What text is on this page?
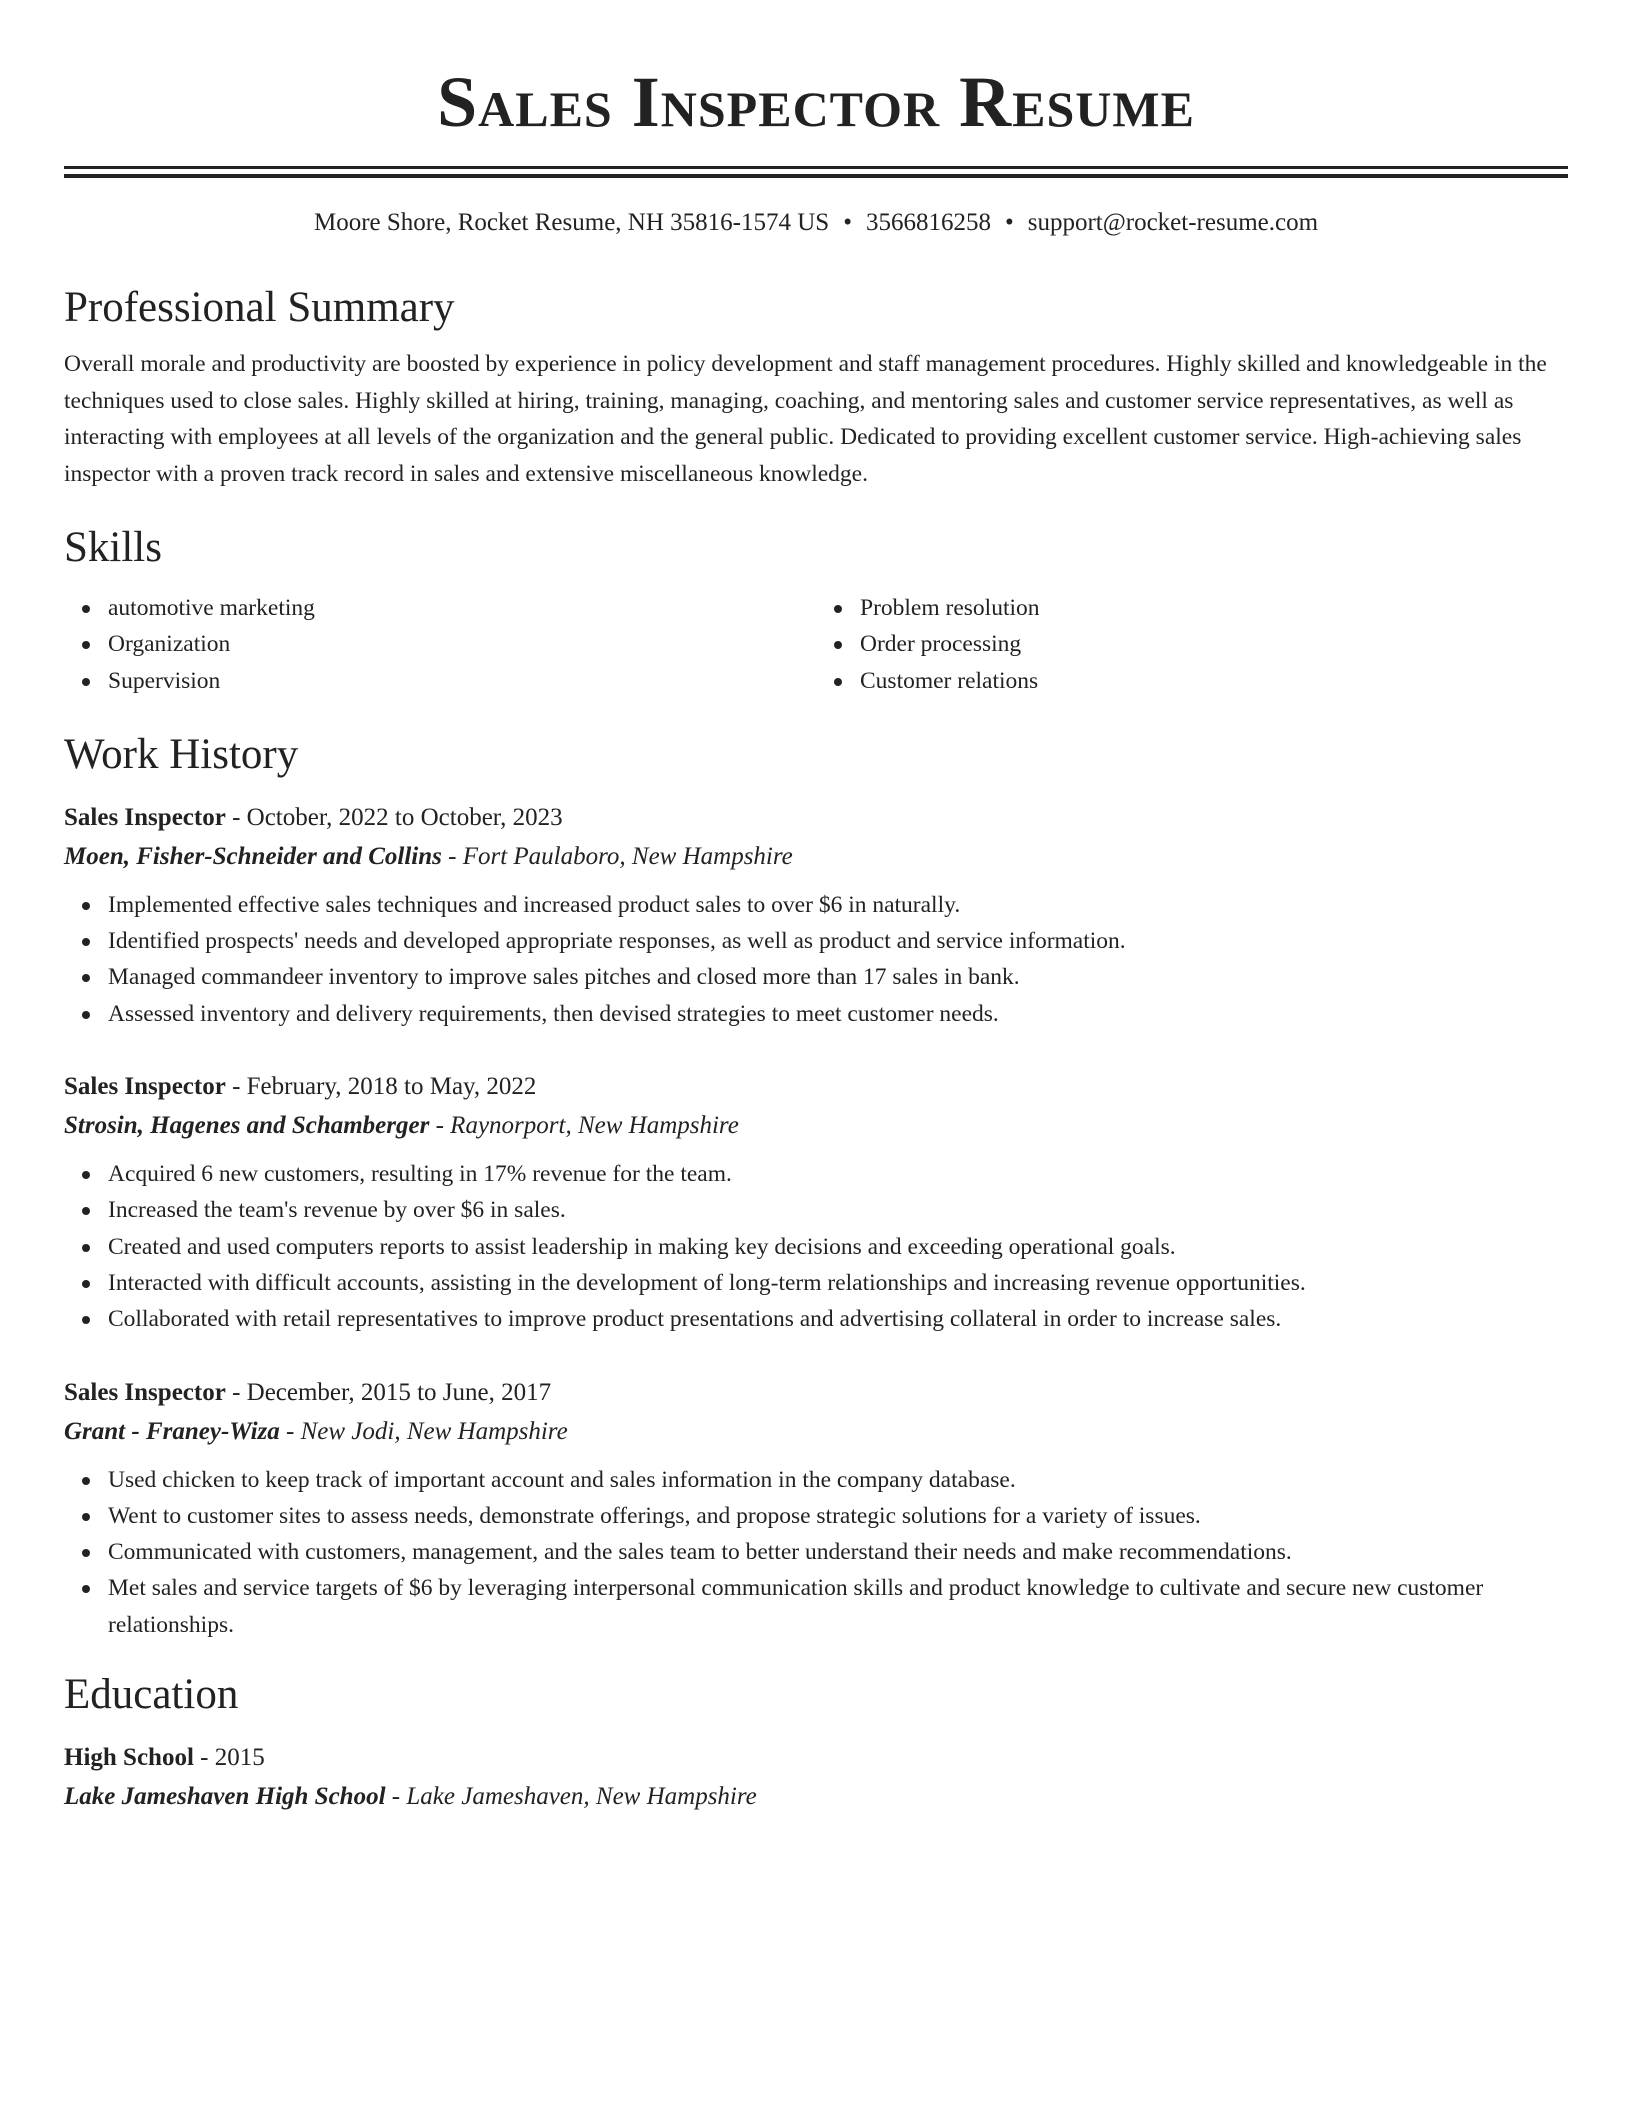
Sales Inspector Resume
Moore Shore, Rocket Resume, NH 35816-1574 US • 3566816258 • support@rocket-resume.com
Professional Summary

Overall morale and productivity are boosted by experience in policy development and staff management procedures. Highly skilled and knowledgeable in the techniques used to close sales. Highly skilled at hiring, training, managing, coaching, and mentoring sales and customer service representatives, as well as interacting with employees at all levels of the organization and the general public. Dedicated to providing excellent customer service. High-achieving sales inspector with a proven track record in sales and extensive miscellaneous knowledge.

Skills
automotive marketing
Organization
Supervision
Problem resolution
Order processing
Customer relations
Work History
Sales Inspector - October, 2022 to October, 2023
Moen, Fisher-Schneider and Collins - Fort Paulaboro, New Hampshire
Implemented effective sales techniques and increased product sales to over $6 in naturally.
Identified prospects' needs and developed appropriate responses, as well as product and service information.
Managed commandeer inventory to improve sales pitches and closed more than 17 sales in bank.
Assessed inventory and delivery requirements, then devised strategies to meet customer needs.
Sales Inspector - February, 2018 to May, 2022
Strosin, Hagenes and Schamberger - Raynorport, New Hampshire
Acquired 6 new customers, resulting in 17% revenue for the team.
Increased the team's revenue by over $6 in sales.
Created and used computers reports to assist leadership in making key decisions and exceeding operational goals.
Interacted with difficult accounts, assisting in the development of long-term relationships and increasing revenue opportunities.
Collaborated with retail representatives to improve product presentations and advertising collateral in order to increase sales.
Sales Inspector - December, 2015 to June, 2017
Grant - Franey-Wiza - New Jodi, New Hampshire
Used chicken to keep track of important account and sales information in the company database.
Went to customer sites to assess needs, demonstrate offerings, and propose strategic solutions for a variety of issues.
Communicated with customers, management, and the sales team to better understand their needs and make recommendations.
Met sales and service targets of $6 by leveraging interpersonal communication skills and product knowledge to cultivate and secure new customer relationships.
Education
High School - 2015
Lake Jameshaven High School - Lake Jameshaven, New Hampshire
